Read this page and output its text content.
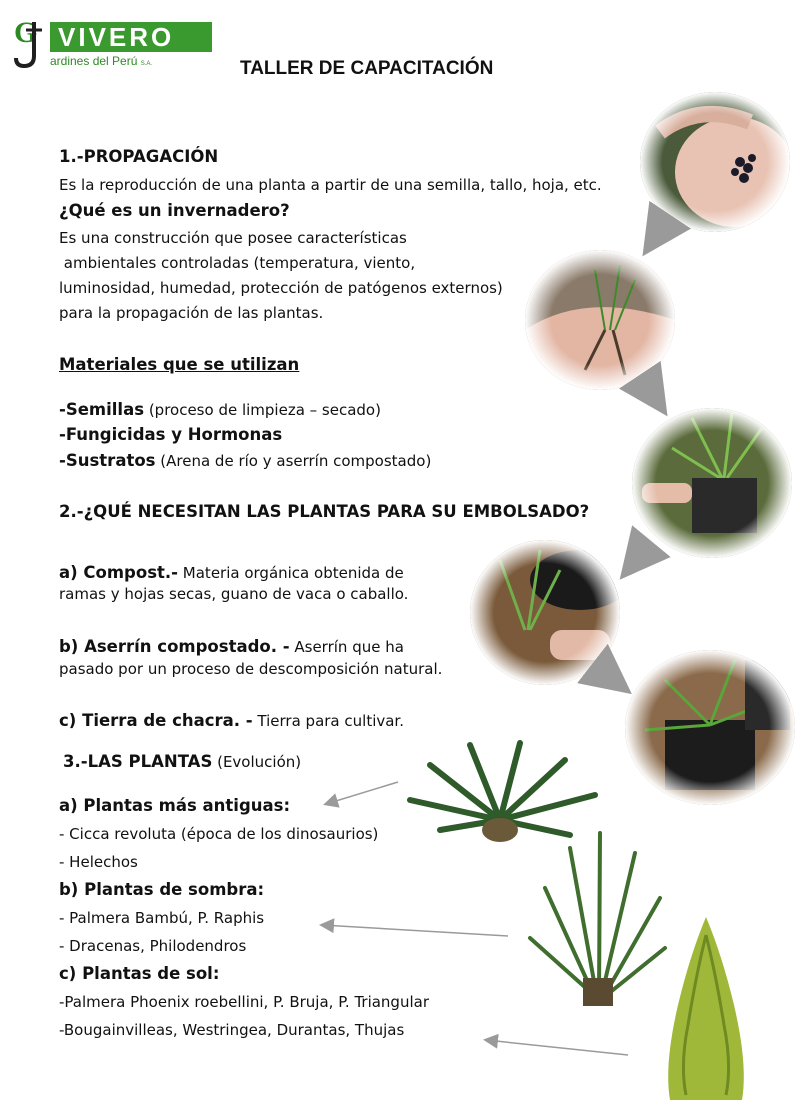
G VIVERO
ardines del Perú S.A.	TALLER DE CAPACITACIÓN
1.-PROPAGACIÓN
Es la reproducción de una planta a partir de una semilla, tallo, hoja, etc.
¿Qué es un invernadero?
Es una construcción que posee características
ambientales controladas (temperatura, viento,
luminosidad, humedad, protección de patógenos externos)
para la propagación de las plantas.
Materiales que se utilizan
-Semillas (proceso de limpieza – secado)
-Fungicidas y Hormonas
-Sustratos (Arena de río y aserrín compostado)
2.-¿QUÉ NECESITAN LAS PLANTAS PARA SU EMBOLSADO?
a) Compost.- Materia orgánica obtenida de
ramas y hojas secas, guano de vaca o caballo.
b) Aserrín compostado. - Aserrín que ha
pasado por un proceso de descomposición natural.
c) Tierra de chacra. - Tierra para cultivar.
3.-LAS PLANTAS (Evolución)
a) Plantas más antiguas:
- Cicca revoluta (época de los dinosaurios)
- Helechos
b) Plantas de sombra:
- Palmera Bambú, P. Raphis
- Dracenas, Philodendros
c) Plantas de sol:
-Palmera Phoenix roebellini, P. Bruja, P. Triangular
-Bougainvilleas, Westringea, Durantas, Thujas
